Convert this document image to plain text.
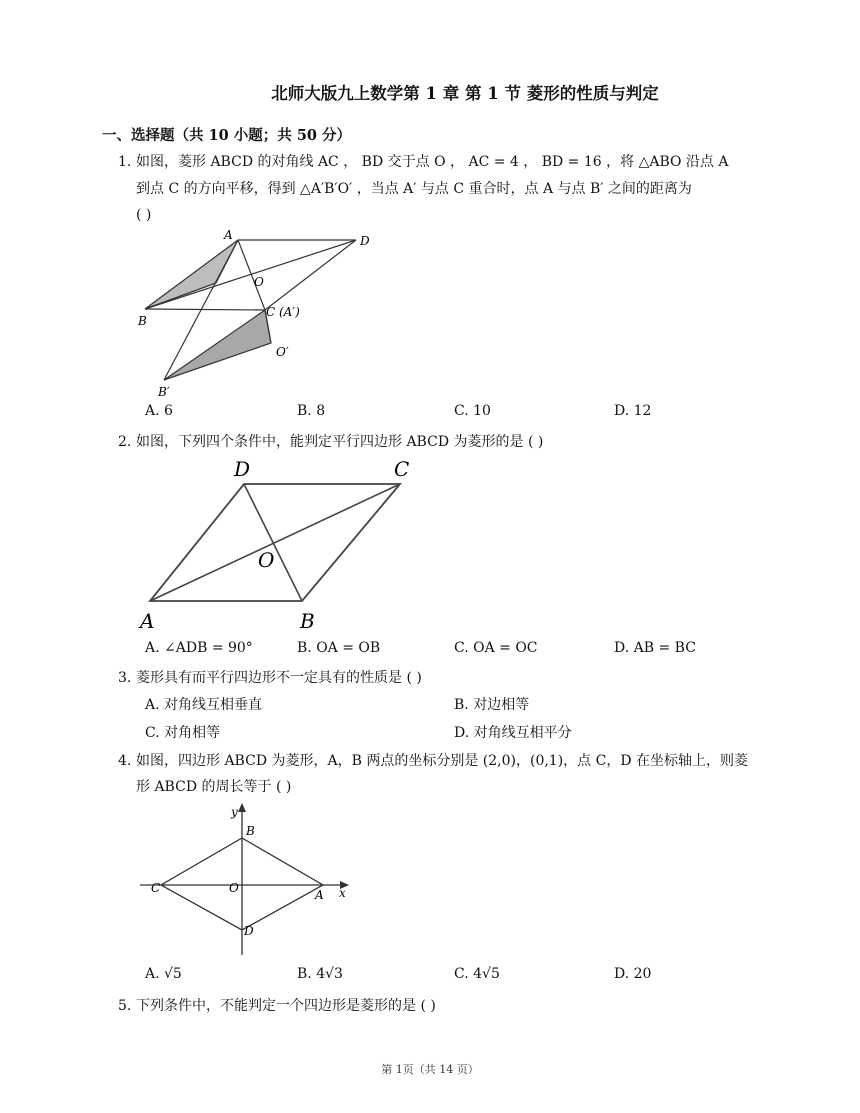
北师大版九上数学第 1 章 第 1 节 菱形的性质与判定
一、选择题（共 10 小题；共 50 分）
1. 如图，菱形 ABCD 的对角线 AC ， BD 交于点 O ， AC = 4 ， BD = 16 ，将 △ABO 沿点 A
到点 C 的方向平移，得到 △A′B′O′ ，当点 A′ 与点 C 重合时，点 A 与点 B′ 之间的距离为
( )
A	D
O
B
C (A′)
O′
B′
A. 6	B. 8	C. 10	D. 12
2. 如图，下列四个条件中，能判定平行四边形 ABCD 为菱形的是 ( )
D	C
O
A	B
A. ∠ADB = 90°	B. OA = OB	C. OA = OC	D. AB = BC
3. 菱形具有而平行四边形不一定具有的性质是 ( )
A. 对角线互相垂直	B. 对边相等
C. 对角相等	D. 对角线互相平分
4. 如图，四边形 ABCD 为菱形，A，B 两点的坐标分别是 (2,0)，(0,1)，点 C，D 在坐标轴上，则菱
形 ABCD 的周长等于 ( )
y
B
C	O	A x
D
A. √5	B. 4√3	C. 4√5	D. 20
5. 下列条件中，不能判定一个四边形是菱形的是 ( )
第 1页（共 14 页）
